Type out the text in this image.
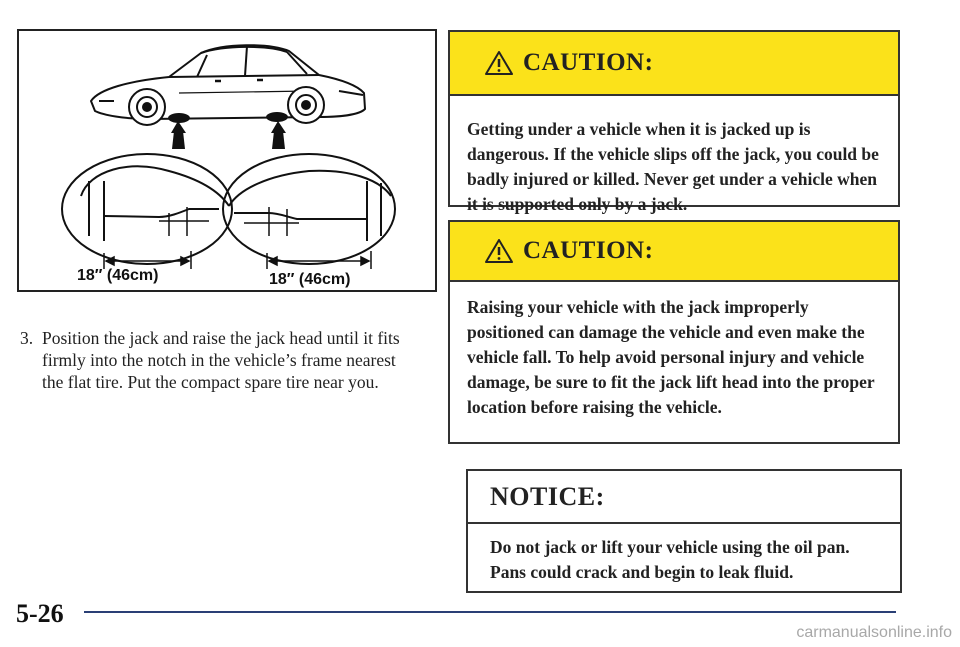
18″ (46cm)	18″ (46cm)
3. Position the jack and raise the jack head until it fits firmly into the notch in the vehicle’s frame nearest the flat tire. Put the compact spare tire near you.
CAUTION:
Getting under a vehicle when it is jacked up is dangerous. If the vehicle slips off the jack, you could be badly injured or killed. Never get under a vehicle when it is supported only by a jack.
CAUTION:
Raising your vehicle with the jack improperly positioned can damage the vehicle and even make the vehicle fall. To help avoid personal injury and vehicle damage, be sure to fit the jack lift head into the proper location before raising the vehicle.
NOTICE:
Do not jack or lift your vehicle using the oil pan. Pans could crack and begin to leak fluid.
5-26
carmanualsonline.info
